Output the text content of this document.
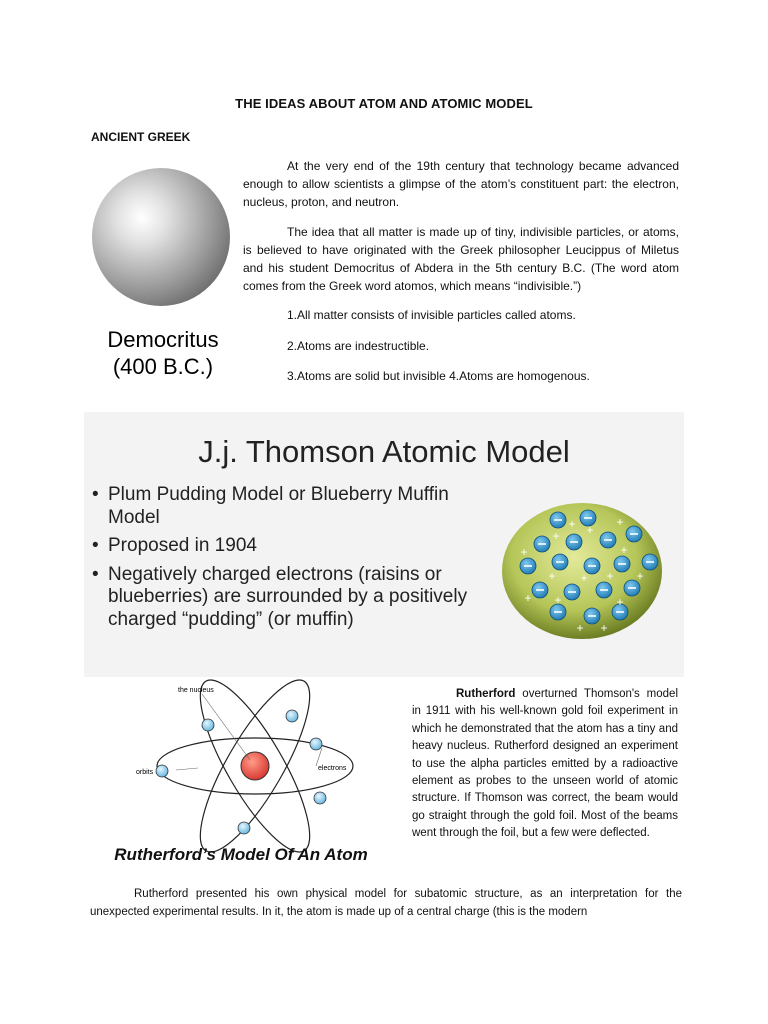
THE IDEAS ABOUT ATOM AND ATOMIC MODEL
ANCIENT GREEK
Democritus
(400 B.C.)

At the very end of the 19th century that technology became advanced enough to allow scientists a glimpse of the atom’s constituent part: the electron, nucleus, proton, and neutron.

The idea that all matter is made up of tiny, indivisible particles, or atoms, is believed to have originated with the Greek philosopher Leucippus of Miletus and his student Democritus of Abdera in the 5th century B.C. (The word atom comes from the Greek word atomos, which means “indivisible.”)

1.All matter consists of invisible particles called atoms.

2.Atoms are indestructible.

3.Atoms are solid but invisible 4.Atoms are homogenous.

J.j. Thomson Atomic Model
• Plum Pudding Model or Blueberry Muffin Model
• Proposed in 1904
• Negatively charged electrons (raisins or blueberries) are surrounded by a positively charged “pudding” (or muffin)
+
+ +
+
+	+
+ + + +
+ +	+
+ +
the nucleus
orbits
electrons
Rutherford’s Model Of An Atom

Rutherford overturned Thomson's model in 1911 with his well-known gold foil experiment in which he demonstrated that the atom has a tiny and heavy nucleus. Rutherford designed an experiment to use the alpha particles emitted by a radioactive element as probes to the unseen world of atomic structure. If Thomson was correct, the beam would go straight through the gold foil. Most of the beams went through the foil, but a few were deflected.

Rutherford presented his own physical model for subatomic structure, as an interpretation for the unexpected experimental results. In it, the atom is made up of a central charge (this is the modern
